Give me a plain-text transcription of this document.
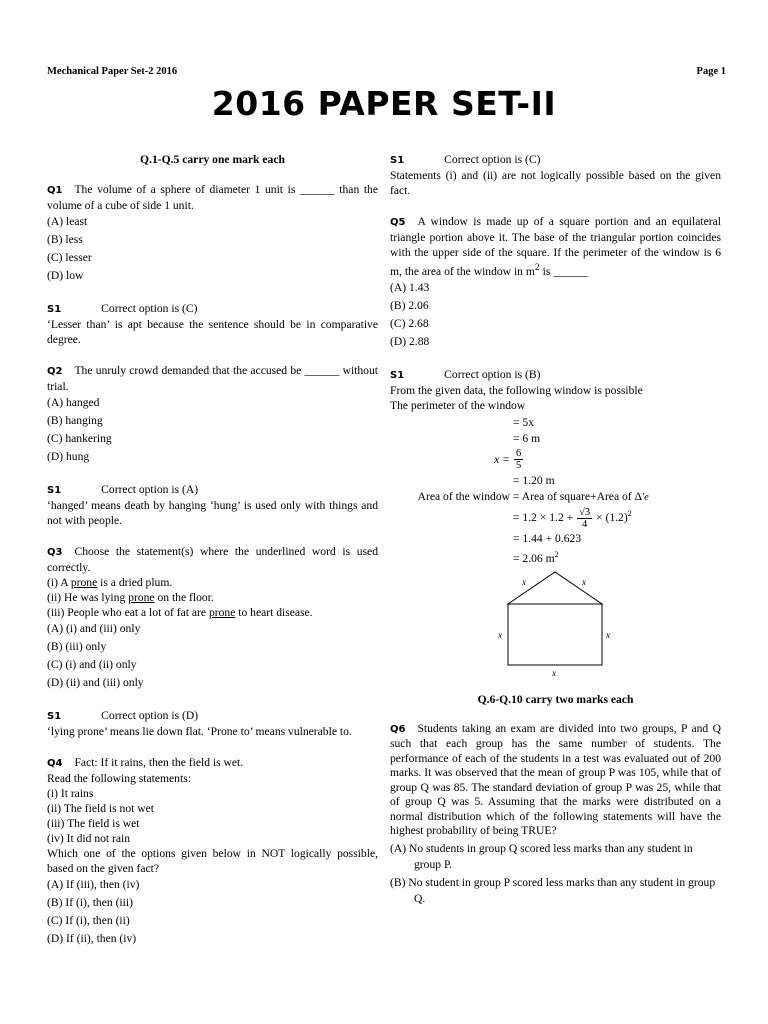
Mechanical Paper Set-2 2016	Page 1
2016 PAPER SET-II
Q.1-Q.5 carry one mark each
Q1 The volume of a sphere of diameter 1 unit is ______ than the volume of a cube of side 1 unit.
(A) least
(B) less
(C) lesser
(D) low
S1	Correct option is (C)
‘Lesser than’ is apt because the sentence should be in comparative degree.
Q2 The unruly crowd demanded that the accused be ______ without trial.
(A) hanged
(B) hanging
(C) hankering
(D) hung
S1	Correct option is (A)
‘hanged’ means death by hanging ‘hung’ is used only with things and not with people.
Q3 Choose the statement(s) where the underlined word is used correctly.
(i) A prone is a dried plum.
(ii) He was lying prone on the floor.
(iii) People who eat a lot of fat are prone to heart disease.
(A) (i) and (iii) only
(B) (iii) only
(C) (i) and (ii) only
(D) (ii) and (iii) only
S1	Correct option is (D)
‘lying prone’ means lie down flat. ‘Prone to’ means vulnerable to.
Q4 Fact: If it rains, then the field is wet.
Read the following statements:
(i) It rains
(ii) The field is not wet
(iii) The field is wet
(iv) It did not rain
Which one of the options given below in NOT logically possible, based on the given fact?
(A) If (iii), then (iv)
(B) If (i), then (iii)
(C) If (i), then (ii)
(D) If (ii), then (iv)
S1	Correct option is (C)
Statements (i) and (ii) are not logically possible based on the given fact.
Q5 A window is made up of a square portion and an equilateral triangle portion above it. The base of the triangular portion coincides with the upper side of the square. If the perimeter of the window is 6 m, the area of the window in $m^2$ is ______
(A) 1.43
(B) 2.06
(C) 2.68
(D) 2.88
S1	Correct option is (B)
From the given data, the following window is possible
The perimeter of the window
= 5x
= 6 m
$x = \frac{6}{5}$
= 1.20 m
Area of the window = Area of square+Area of Δ′e
= $1.2 \times 1.2 + \frac{√3}{4} \times (1.2)^2$
= 1.44 + 0.623
= 2.06 $m^2$
x	x
x	x
x
Q.6-Q.10 carry two marks each
Q6 Students taking an exam are divided into two groups, P and Q such that each group has the same number of students. The performance of each of the students in a test was evaluated out of 200 marks. It was observed that the mean of group P was 105, while that of group Q was 85. The standard deviation of group P was 25, while that of group Q was 5. Assuming that the marks were distributed on a normal distribution which of the following statements will have the highest probability of being TRUE?
(A) No students in group Q scored less marks than any student in group P.
(B) No student in group P scored less marks than any student in group Q.
